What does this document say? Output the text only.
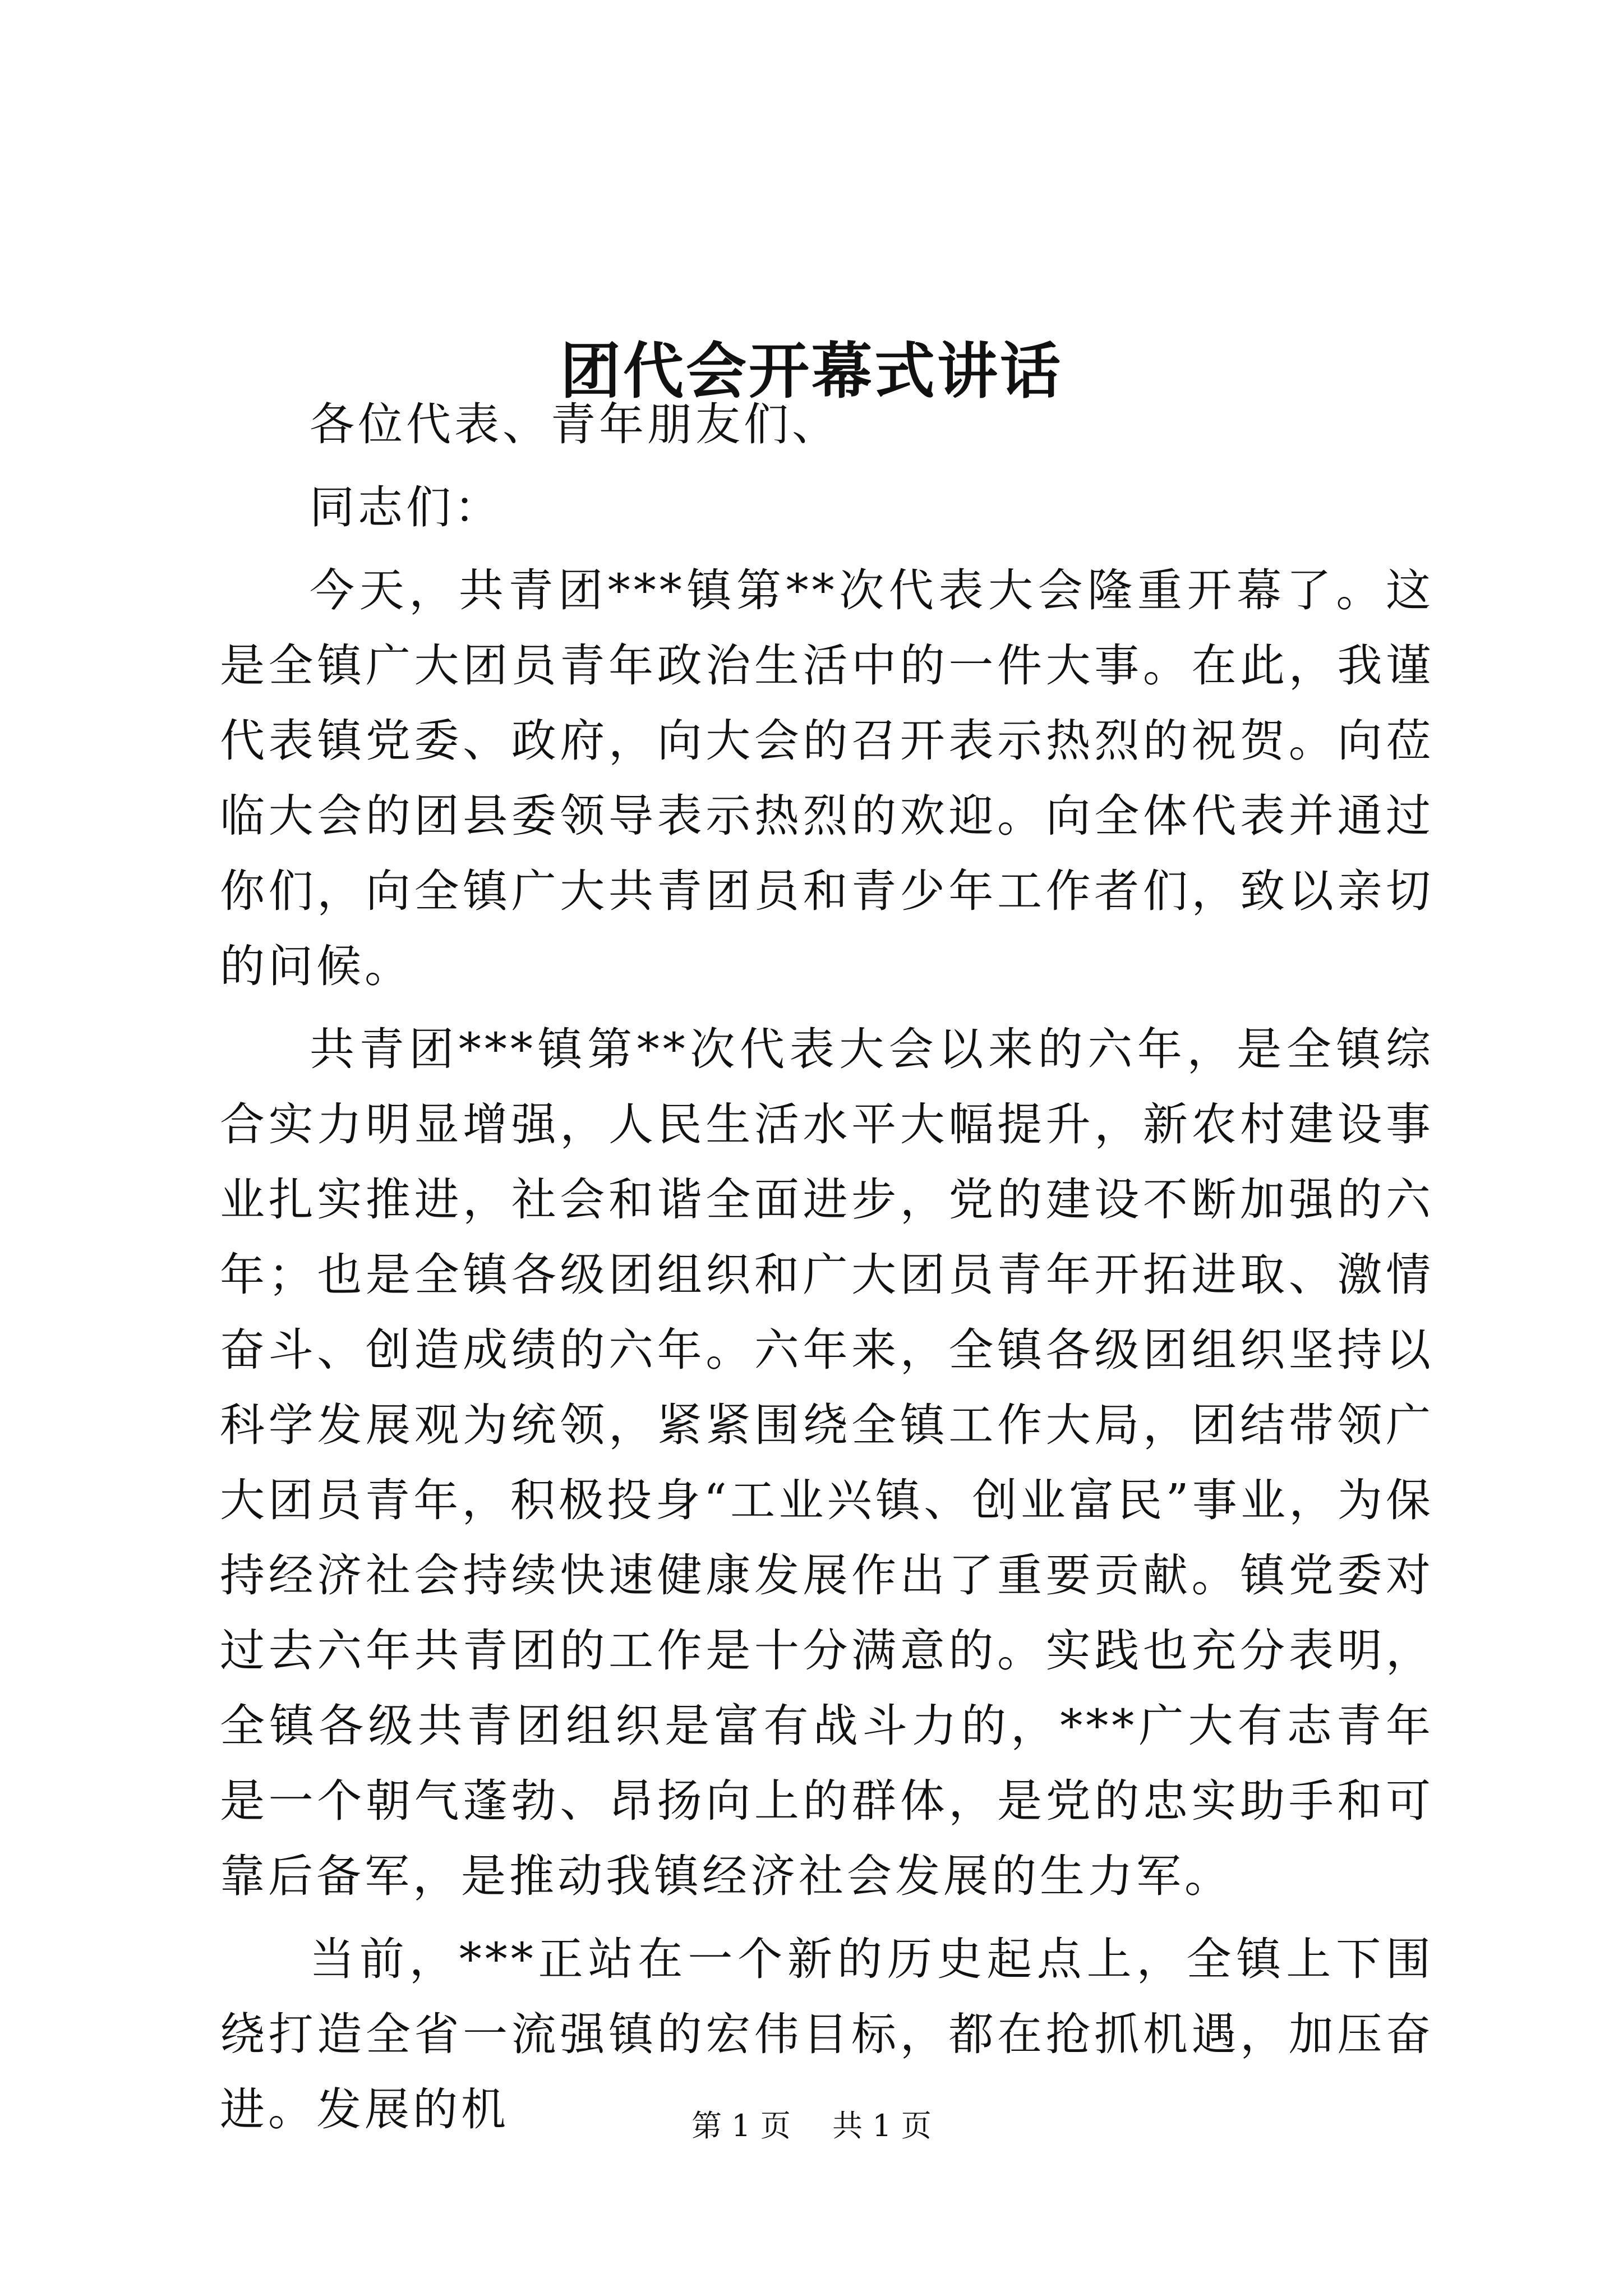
团代会开幕式讲话

各位代表、青年朋友们、

同志们：

今天，共青团***镇第**次代表大会隆重开幕了。这是全镇广大团员青年政治生活中的一件大事。在此，我谨代表镇党委、政府，向大会的召开表示热烈的祝贺。向莅临大会的团县委领导表示热烈的欢迎。向全体代表并通过你们，向全镇广大共青团员和青少年工作者们，致以亲切的问候。

共青团***镇第**次代表大会以来的六年，是全镇综合实力明显增强，人民生活水平大幅提升，新农村建设事业扎实推进，社会和谐全面进步，党的建设不断加强的六年；也是全镇各级团组织和广大团员青年开拓进取、激情奋斗、创造成绩的六年。六年来，全镇各级团组织坚持以科学发展观为统领，紧紧围绕全镇工作大局，团结带领广大团员青年，积极投身“工业兴镇、创业富民”事业，为保持经济社会持续快速健康发展作出了重要贡献。镇党委对过去六年共青团的工作是十分满意的。实践也充分表明，全镇各级共青团组织是富有战斗力的，***广大有志青年是一个朝气蓬勃、昂扬向上的群体，是党的忠实助手和可靠后备军，是推动我镇经济社会发展的生力军。

当前，***正站在一个新的历史起点上，全镇上下围绕打造全省一流强镇的宏伟目标，都在抢抓机遇，加压奋进。发展的机	第 1 页 共 1 页
